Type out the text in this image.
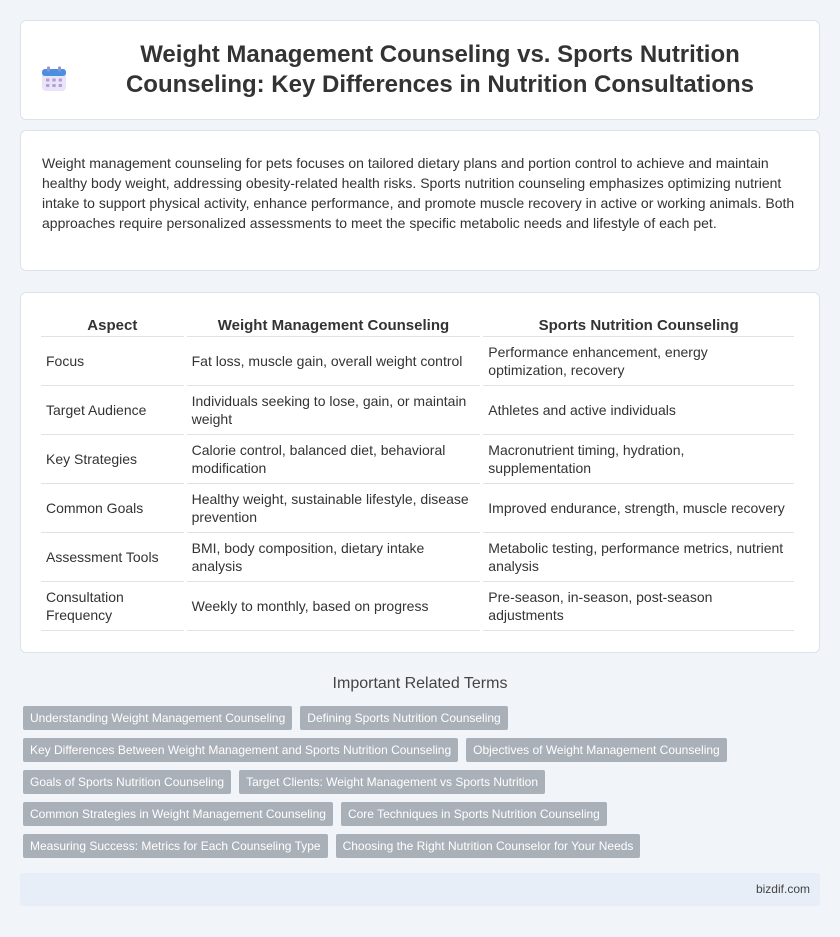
Weight Management Counseling vs. Sports Nutrition Counseling: Key Differences in Nutrition Consultations

Weight management counseling for pets focuses on tailored dietary plans and portion control to achieve and maintain healthy body weight, addressing obesity-related health risks. Sports nutrition counseling emphasizes optimizing nutrient intake to support physical activity, enhance performance, and promote muscle recovery in active or working animals. Both approaches require personalized assessments to meet the specific metabolic needs and lifestyle of each pet.

Aspect	Weight Management Counseling	Sports Nutrition Counseling
Focus	Fat loss, muscle gain, overall weight control	Performance enhancement, energy optimization, recovery
Target Audience	Individuals seeking to lose, gain, or maintain weight	Athletes and active individuals
Key Strategies	Calorie control, balanced diet, behavioral modification	Macronutrient timing, hydration, supplementation
Common Goals	Healthy weight, sustainable lifestyle, disease prevention	Improved endurance, strength, muscle recovery
Assessment Tools	BMI, body composition, dietary intake analysis	Metabolic testing, performance metrics, nutrient analysis
Consultation Frequency	Weekly to monthly, based on progress	Pre-season, in-season, post-season adjustments
Important Related Terms
Understanding Weight Management Counseling	Defining Sports Nutrition Counseling
Key Differences Between Weight Management and Sports Nutrition Counseling	Objectives of Weight Management Counseling
Goals of Sports Nutrition Counseling	Target Clients: Weight Management vs Sports Nutrition
Common Strategies in Weight Management Counseling	Core Techniques in Sports Nutrition Counseling
Measuring Success: Metrics for Each Counseling Type	Choosing the Right Nutrition Counselor for Your Needs
bizdif.com
